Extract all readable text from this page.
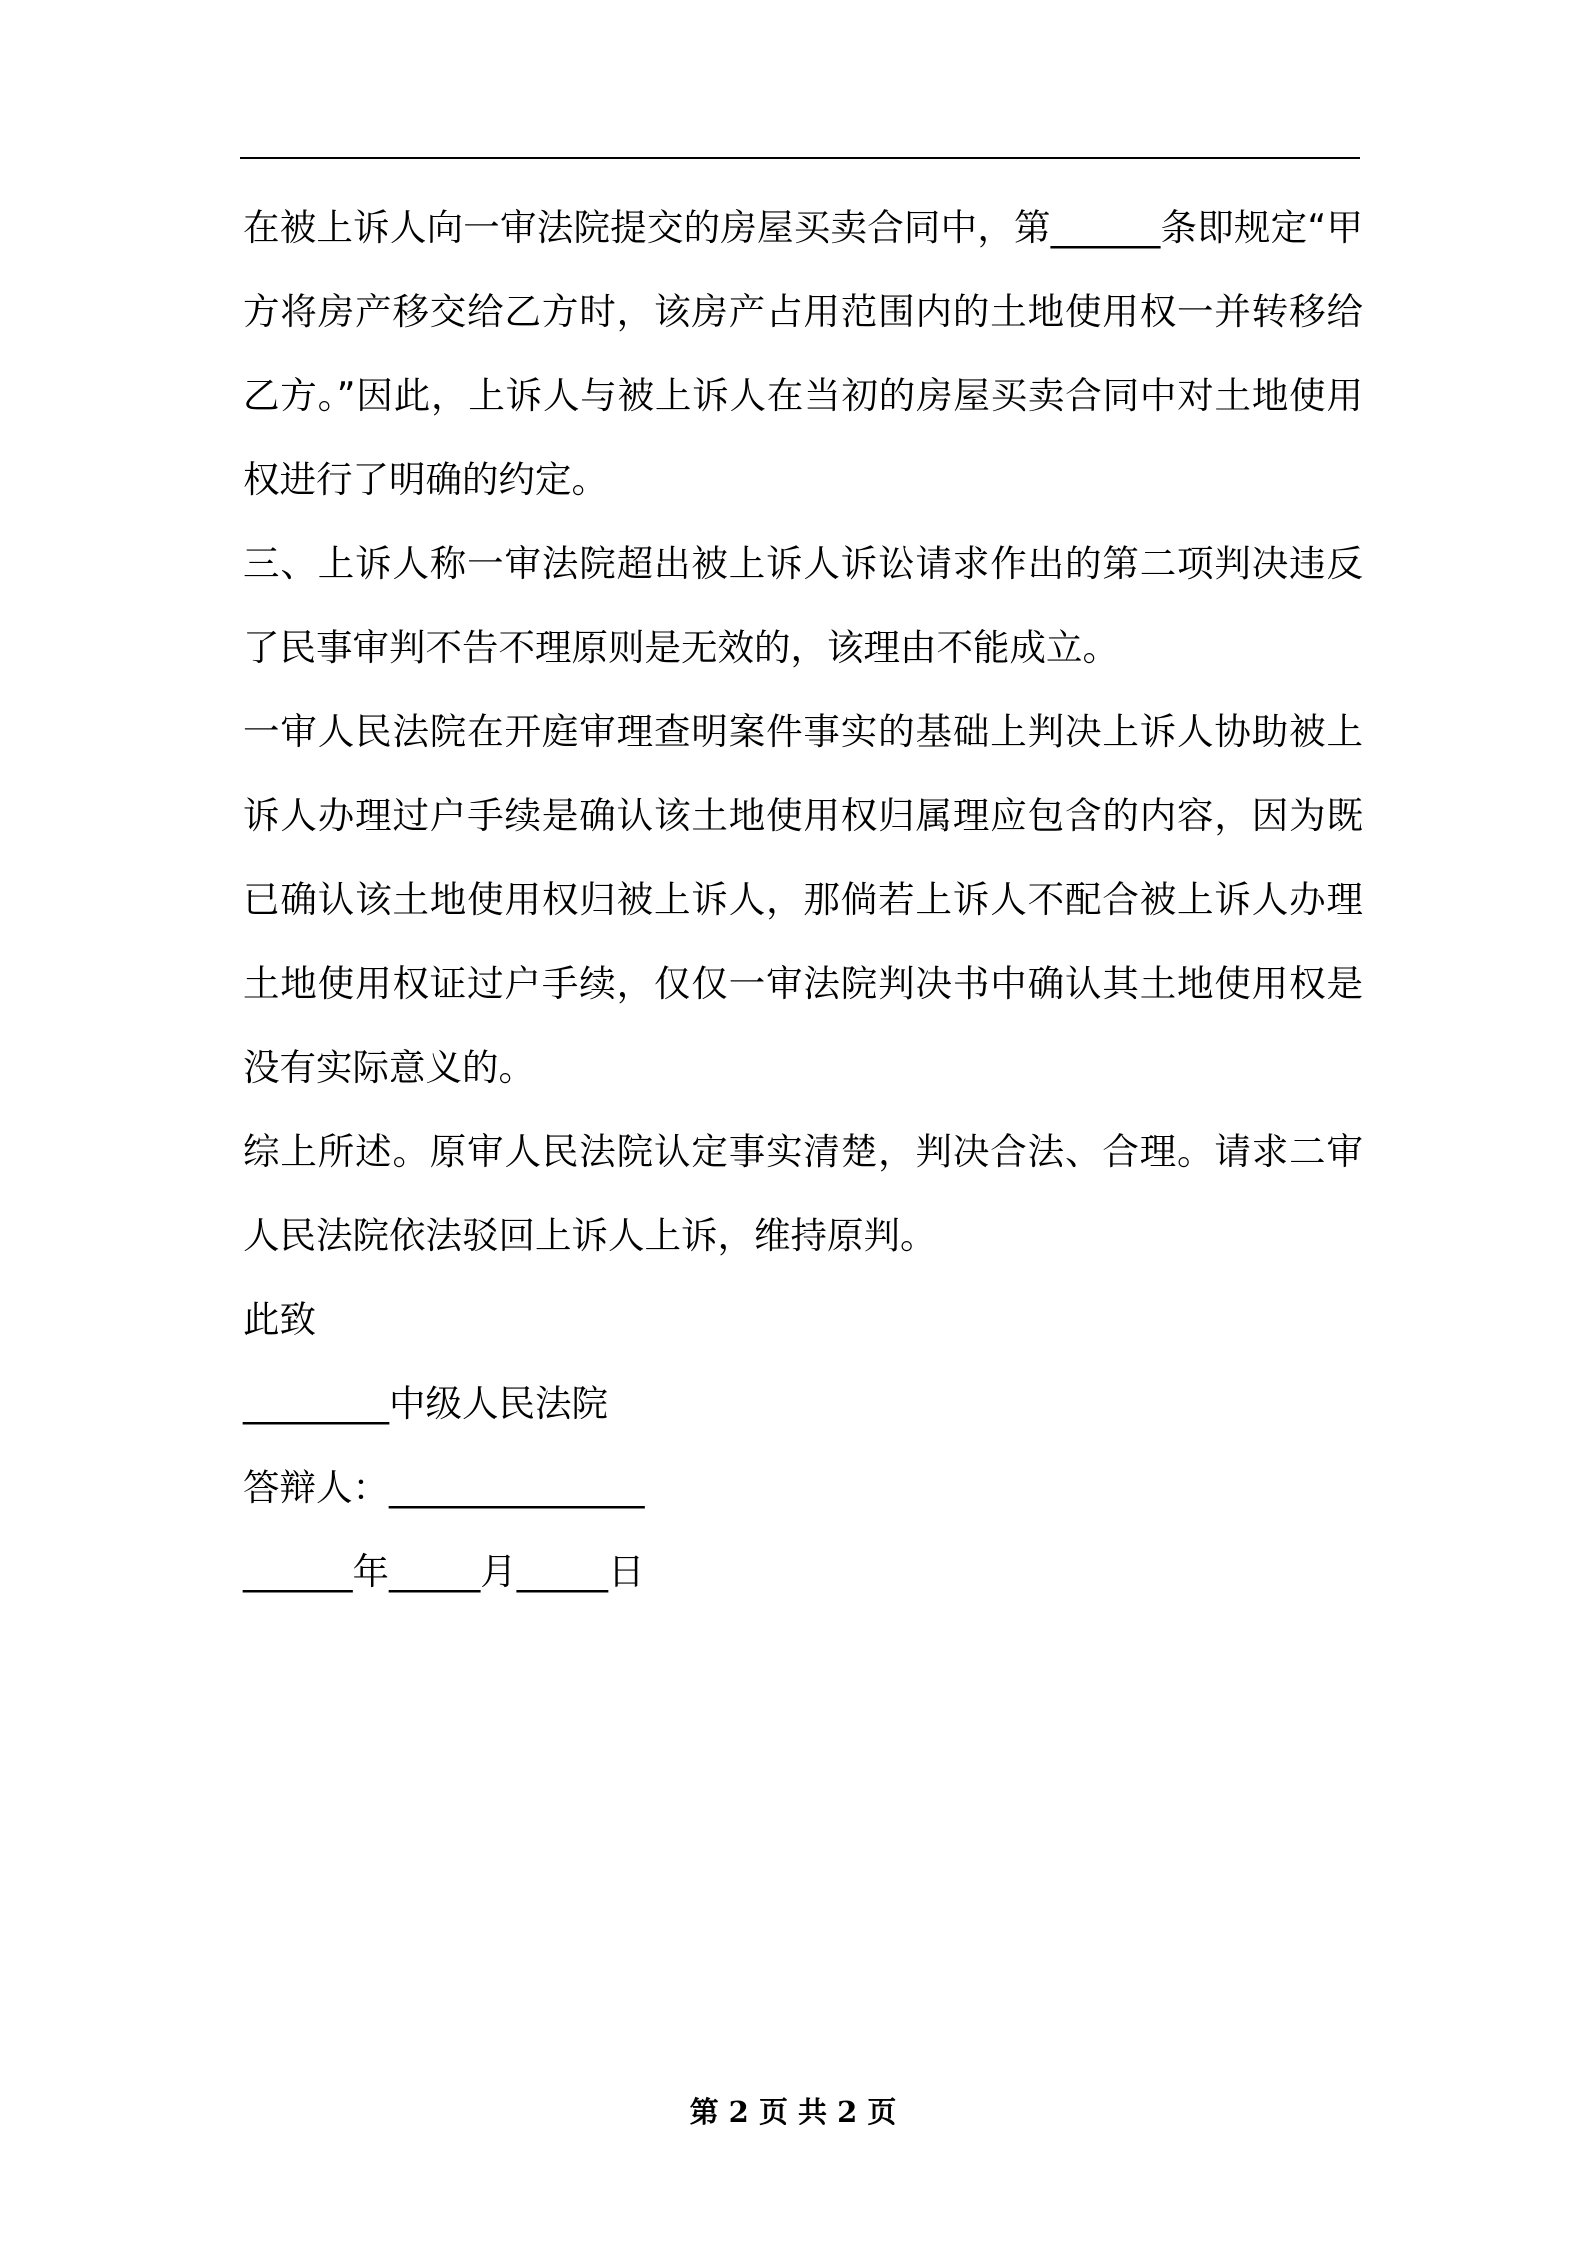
在被上诉人向一审法院提交的房屋买卖合同中，第______条即规定“甲方将房产移交给乙方时，该房产占用范围内的土地使用权一并转移给乙方。”因此，上诉人与被上诉人在当初的房屋买卖合同中对土地使用权进行了明确的约定。

三、上诉人称一审法院超出被上诉人诉讼请求作出的第二项判决违反了民事审判不告不理原则是无效的，该理由不能成立。

一审人民法院在开庭审理查明案件事实的基础上判决上诉人协助被上诉人办理过户手续是确认该土地使用权归属理应包含的内容，因为既已确认该土地使用权归被上诉人，那倘若上诉人不配合被上诉人办理土地使用权证过户手续，仅仅一审法院判决书中确认其土地使用权是没有实际意义的。

综上所述。原审人民法院认定事实清楚，判决合法、合理。请求二审人民法院依法驳回上诉人上诉，维持原判。

此致

________中级人民法院

答辩人：______________

______年_____月_____日

第 2 页 共 2 页
